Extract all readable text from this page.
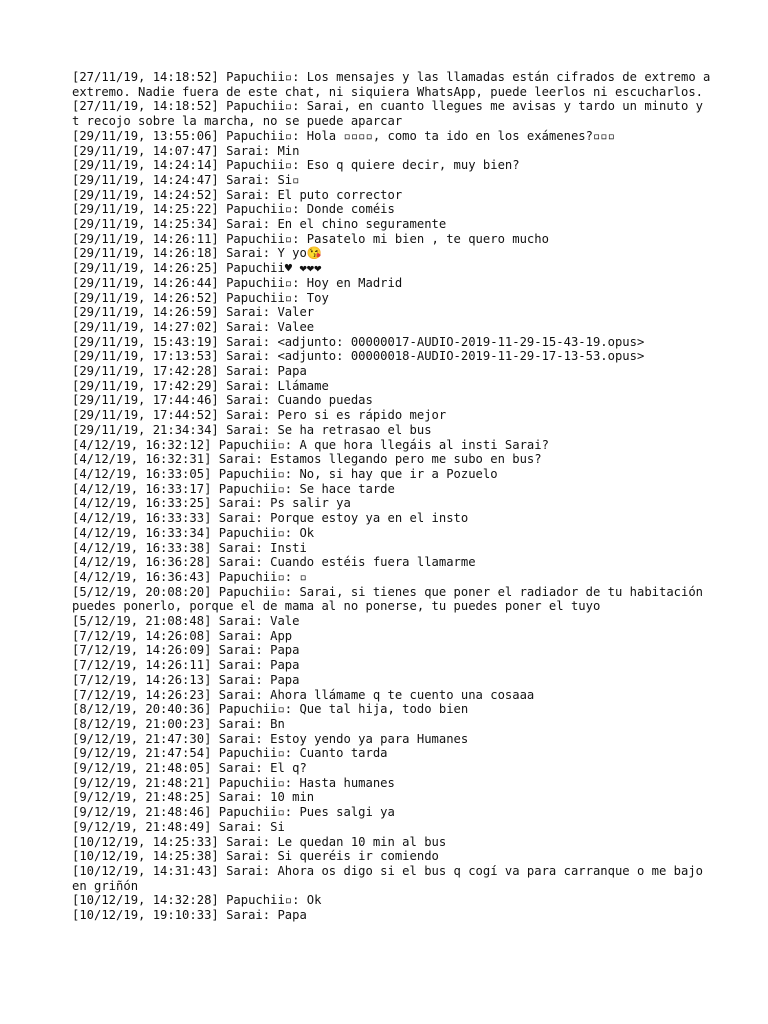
[27/11/19, 14:18:52] Papuchii▫: Los mensajes y las llamadas están cifrados de extremo a extremo. Nadie fuera de este chat, ni siquiera WhatsApp, puede leerlos ni escucharlos.
[27/11/19, 14:18:52] Papuchii▫: Sarai, en cuanto llegues me avisas y tardo un minuto y t recojo sobre la marcha, no se puede aparcar
[29/11/19, 13:55:06] Papuchii▫: Hola ▫▫▫▫, como ta ido en los exámenes?▫▫▫
[29/11/19, 14:07:47] Sarai: Min
[29/11/19, 14:24:14] Papuchii▫: Eso q quiere decir, muy bien?
[29/11/19, 14:24:47] Sarai: Si▫
[29/11/19, 14:24:52] Sarai: El puto corrector
[29/11/19, 14:25:22] Papuchii▫: Donde coméis
[29/11/19, 14:25:34] Sarai: En el chino seguramente
[29/11/19, 14:26:11] Papuchii▫: Pasatelo mi bien , te quero mucho
[29/11/19, 14:26:18] Sarai: Y yo😘
[29/11/19, 14:26:25] Papuchii♥ ❤❤❤
[29/11/19, 14:26:44] Papuchii▫: Hoy en Madrid
[29/11/19, 14:26:52] Papuchii▫: Toy
[29/11/19, 14:26:59] Sarai: Valer
[29/11/19, 14:27:02] Sarai: Valee
[29/11/19, 15:43:19] Sarai: <adjunto: 00000017-AUDIO-2019-11-29-15-43-19.opus>
[29/11/19, 17:13:53] Sarai: <adjunto: 00000018-AUDIO-2019-11-29-17-13-53.opus>
[29/11/19, 17:42:28] Sarai: Papa
[29/11/19, 17:42:29] Sarai: Llámame
[29/11/19, 17:44:46] Sarai: Cuando puedas
[29/11/19, 17:44:52] Sarai: Pero si es rápido mejor
[29/11/19, 21:34:34] Sarai: Se ha retrasao el bus
[4/12/19, 16:32:12] Papuchii▫: A que hora llegáis al insti Sarai?
[4/12/19, 16:32:31] Sarai: Estamos llegando pero me subo en bus?
[4/12/19, 16:33:05] Papuchii▫: No, si hay que ir a Pozuelo
[4/12/19, 16:33:17] Papuchii▫: Se hace tarde
[4/12/19, 16:33:25] Sarai: Ps salir ya
[4/12/19, 16:33:33] Sarai: Porque estoy ya en el insto
[4/12/19, 16:33:34] Papuchii▫: Ok
[4/12/19, 16:33:38] Sarai: Insti
[4/12/19, 16:36:28] Sarai: Cuando estéis fuera llamarme
[4/12/19, 16:36:43] Papuchii▫: ▫
[5/12/19, 20:08:20] Papuchii▫: Sarai, si tienes que poner el radiador de tu habitación puedes ponerlo, porque el de mama al no ponerse, tu puedes poner el tuyo
[5/12/19, 21:08:48] Sarai: Vale
[7/12/19, 14:26:08] Sarai: App
[7/12/19, 14:26:09] Sarai: Papa
[7/12/19, 14:26:11] Sarai: Papa
[7/12/19, 14:26:13] Sarai: Papa
[7/12/19, 14:26:23] Sarai: Ahora llámame q te cuento una cosaaa
[8/12/19, 20:40:36] Papuchii▫: Que tal hija, todo bien
[8/12/19, 21:00:23] Sarai: Bn
[9/12/19, 21:47:30] Sarai: Estoy yendo ya para Humanes
[9/12/19, 21:47:54] Papuchii▫: Cuanto tarda
[9/12/19, 21:48:05] Sarai: El q?
[9/12/19, 21:48:21] Papuchii▫: Hasta humanes
[9/12/19, 21:48:25] Sarai: 10 min
[9/12/19, 21:48:46] Papuchii▫: Pues salgi ya
[9/12/19, 21:48:49] Sarai: Si
[10/12/19, 14:25:33] Sarai: Le quedan 10 min al bus
[10/12/19, 14:25:38] Sarai: Si queréis ir comiendo
[10/12/19, 14:31:43] Sarai: Ahora os digo si el bus q cogí va para carranque o me bajo en griñón
[10/12/19, 14:32:28] Papuchii▫: Ok
[10/12/19, 19:10:33] Sarai: Papa
